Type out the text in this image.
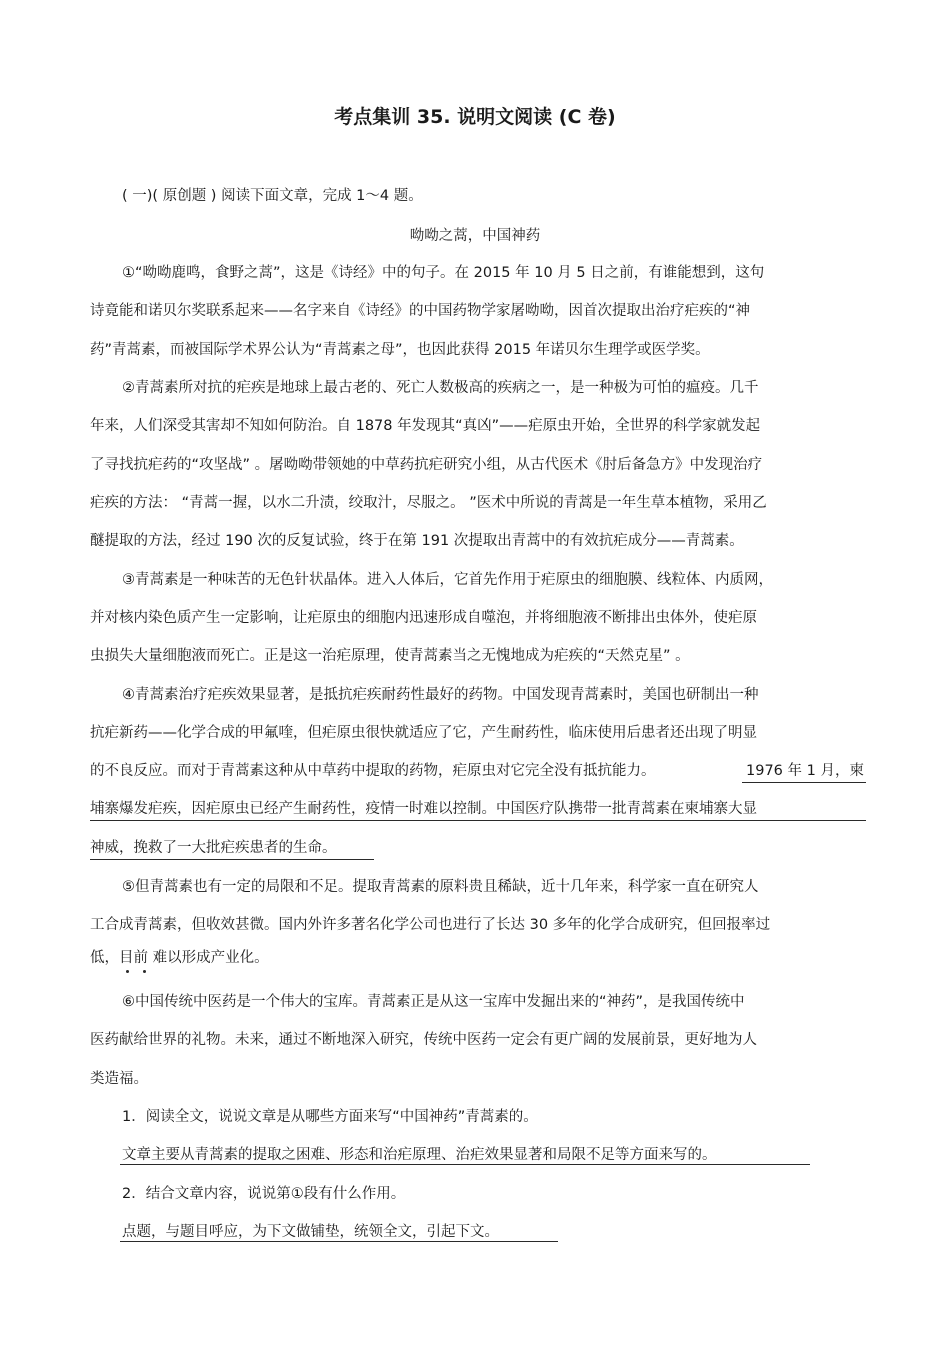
考点集训 35. 说明文阅读 (C 卷)
( 一)( 原创题 ) 阅读下面文章，完成 1～4 题。
呦呦之蒿，中国神药
①“呦呦鹿鸣，食野之蒿”，这是《诗经》中的句子。在 2015 年 10 月 5 日之前，有谁能想到，这句
诗竟能和诺贝尔奖联系起来——名字来自《诗经》的中国药物学家屠呦呦，因首次提取出治疗疟疾的“神
药”青蒿素，而被国际学术界公认为“青蒿素之母”，也因此获得 2015 年诺贝尔生理学或医学奖。
②青蒿素所对抗的疟疾是地球上最古老的、死亡人数极高的疾病之一，是一种极为可怕的瘟疫。几千
年来，人们深受其害却不知如何防治。自 1878 年发现其“真凶”——疟原虫开始，全世界的科学家就发起
了寻找抗疟药的“攻坚战” 。屠呦呦带领她的中草药抗疟研究小组，从古代医术《肘后备急方》中发现治疗
疟疾的方法： “青蒿一握，以水二升渍，绞取汁，尽服之。 ”医术中所说的青蒿是一年生草本植物，采用乙
醚提取的方法，经过 190 次的反复试验，终于在第 191 次提取出青蒿中的有效抗疟成分——青蒿素。
③青蒿素是一种味苦的无色针状晶体。进入人体后，它首先作用于疟原虫的细胞膜、线粒体、内质网，
并对核内染色质产生一定影响，让疟原虫的细胞内迅速形成自噬泡，并将细胞液不断排出虫体外，使疟原
虫损失大量细胞液而死亡。正是这一治疟原理，使青蒿素当之无愧地成为疟疾的“天然克星” 。
④青蒿素治疗疟疾效果显著，是抵抗疟疾耐药性最好的药物。中国发现青蒿素时，美国也研制出一种
抗疟新药——化学合成的甲氟喹，但疟原虫很快就适应了它，产生耐药性，临床使用后患者还出现了明显
的不良反应。而对于青蒿素这种从中草药中提取的药物，疟原虫对它完全没有抵抗能力。	1976 年 1 月，柬
埔寨爆发疟疾，因疟原虫已经产生耐药性，疫情一时难以控制。中国医疗队携带一批青蒿素在柬埔寨大显
神威，挽救了一大批疟疾患者的生命。
⑤但青蒿素也有一定的局限和不足。提取青蒿素的原料贵且稀缺，近十几年来，科学家一直在研究人
工合成青蒿素，但收效甚微。国内外许多著名化学公司也进行了长达 30 多年的化学合成研究，但回报率过
低，目前 难以形成产业化。
⑥中国传统中医药是一个伟大的宝库。青蒿素正是从这一宝库中发掘出来的“神药”，是我国传统中
医药献给世界的礼物。未来，通过不断地深入研究，传统中医药一定会有更广阔的发展前景，更好地为人
类造福。
1．阅读全文，说说文章是从哪些方面来写“中国神药”青蒿素的。
文章主要从青蒿素的提取之困难、形态和治疟原理、治疟效果显著和局限不足等方面来写的。
2．结合文章内容，说说第①段有什么作用。
点题，与题目呼应，为下文做铺垫，统领全文，引起下文。
